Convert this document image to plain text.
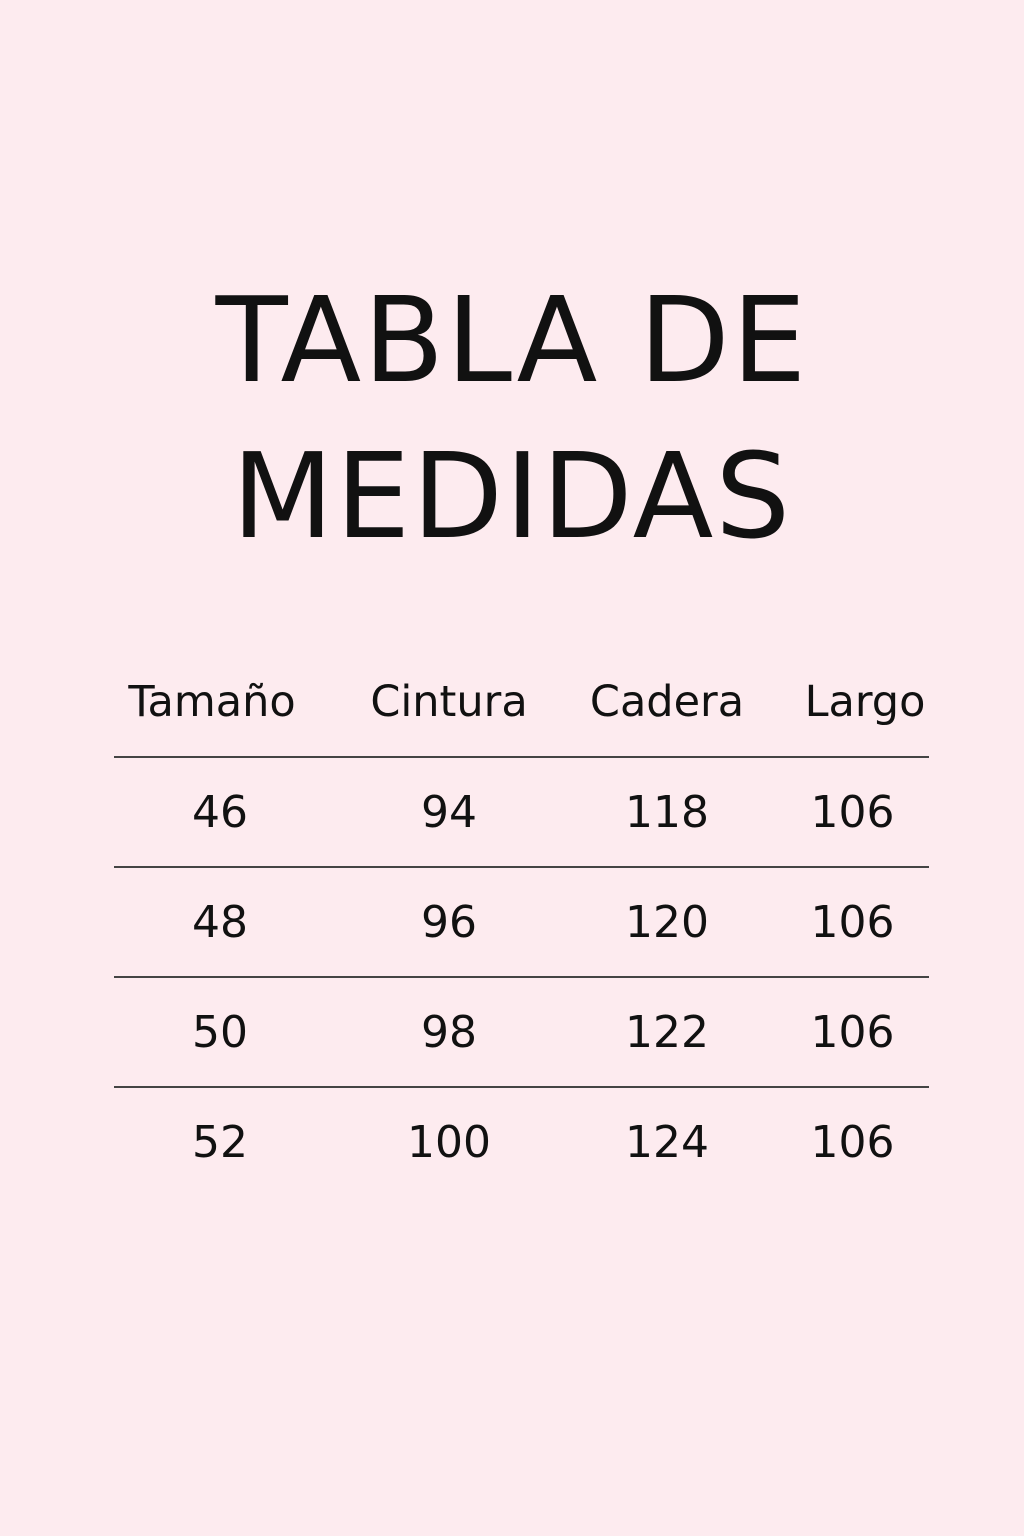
TABLA DE
MEDIDAS
Tamaño	Cintura	Cadera	Largo
46	94	118	106
48	96	120	106
50	98	122	106
52	100	124	106
